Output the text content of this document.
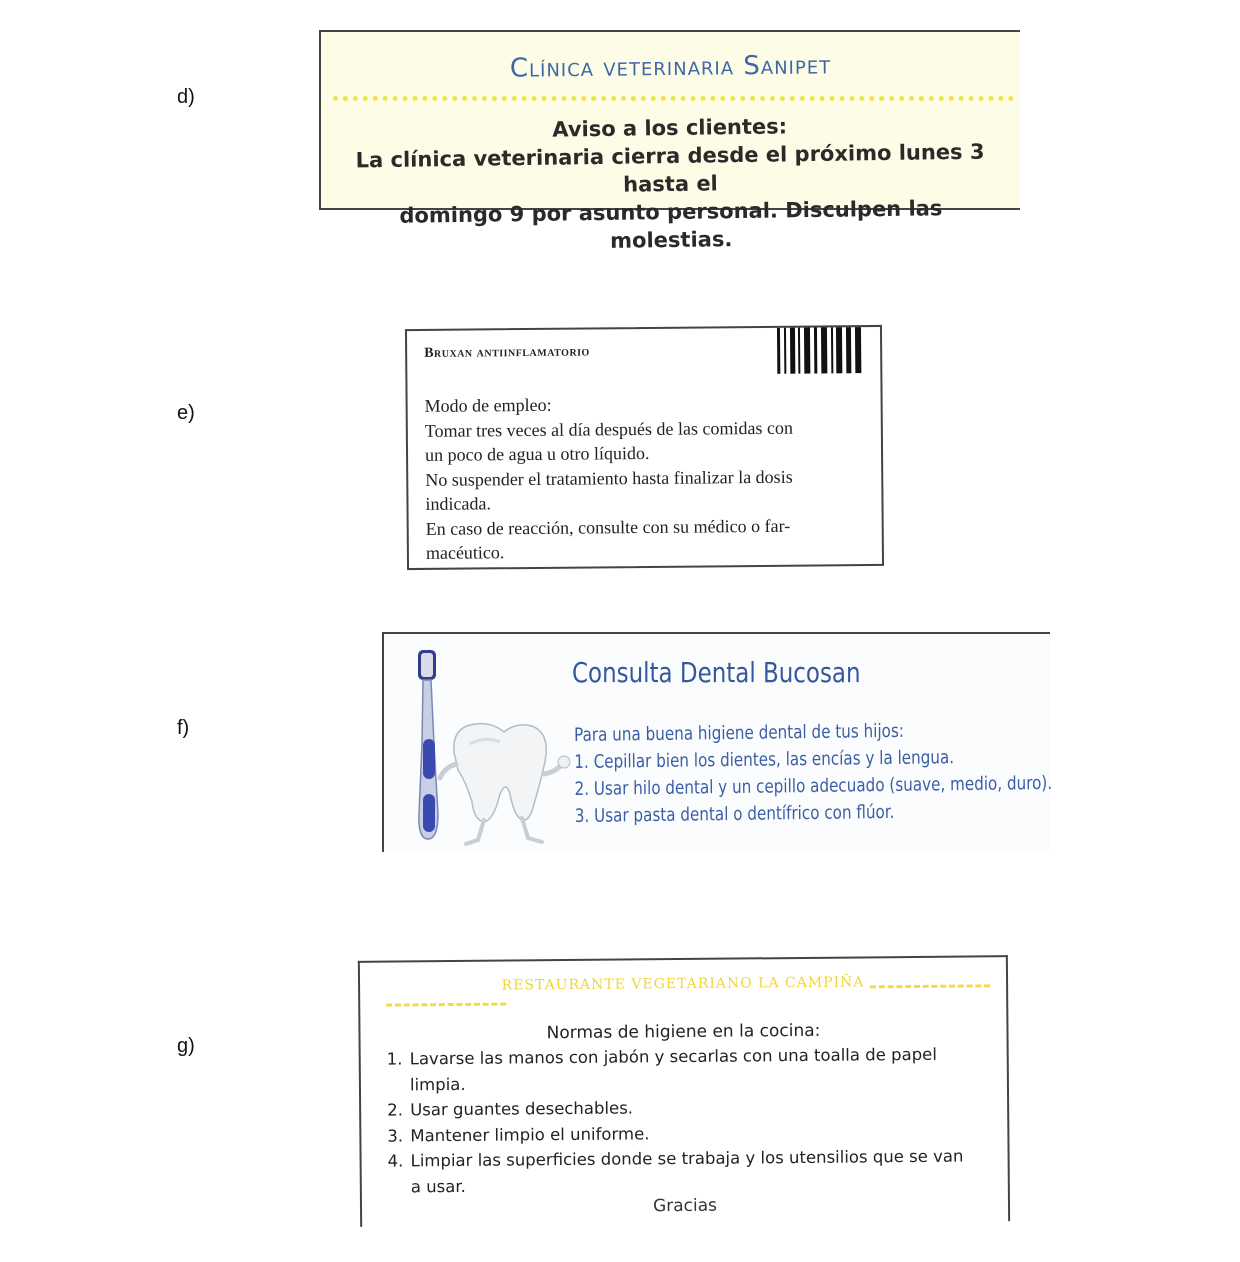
d)
e)
f)
g)
Clínica veterinaria Sanipet
Aviso a los clientes:
La clínica veterinaria cierra desde el próximo lunes 3 hasta el
domingo 9 por asunto personal. Disculpen las molestias.
Bruxan antiinflamatorio
Modo de empleo:
Tomar tres veces al día después de las comidas con
un poco de agua u otro líquido.
No suspender el tratamiento hasta finalizar la dosis
indicada.
En caso de reacción, consulte con su médico o far-
macéutico.
Consulta Dental Bucosan
Para una buena higiene dental de tus hijos:
1. Cepillar bien los dientes, las encías y la lengua.
2. Usar hilo dental y un cepillo adecuado (suave, medio, duro).
3. Usar pasta dental o dentífrico con flúor.
RESTAURANTE VEGETARIANO LA CAMPIÑA
Normas de higiene en la cocina:
1. Lavarse las manos con jabón y secarlas con una toalla de papel limpia.
2. Usar guantes desechables.
3. Mantener limpio el uniforme.
4. Limpiar las superficies donde se trabaja y los utensilios que se van a usar.
Gracias
